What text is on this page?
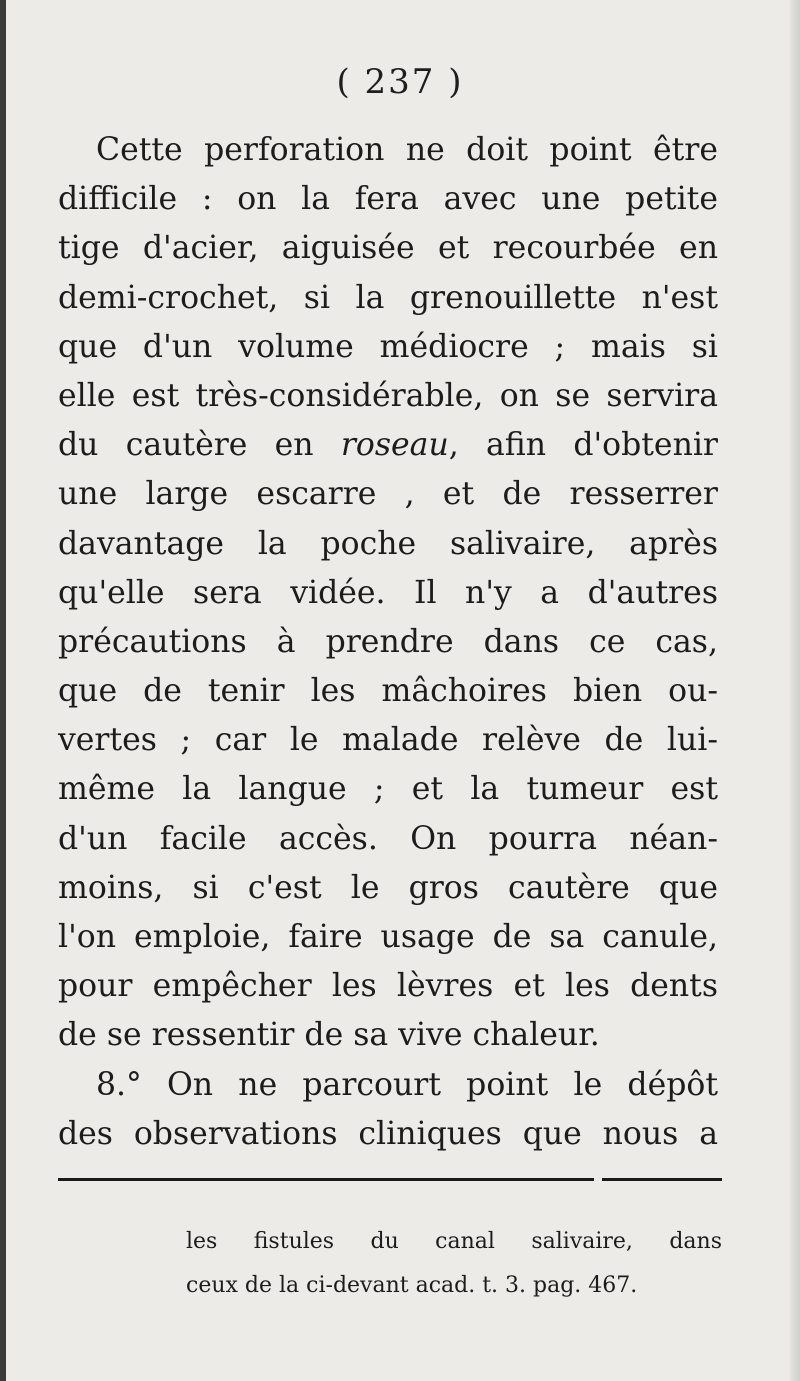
( 237 )
Cette perforation ne doit point être
difficile : on la fera avec une petite
tige d'acier, aiguisée et recourbée en
demi-crochet, si la grenouillette n'est
que d'un volume médiocre ; mais si
elle est très-considérable, on se servira
du cautère en roseau, afin d'obtenir
une large escarre , et de resserrer
davantage la poche salivaire, après
qu'elle sera vidée. Il n'y a d'autres
précautions à prendre dans ce cas,
que de tenir les mâchoires bien ou-
vertes ; car le malade relève de lui-
même la langue ; et la tumeur est
d'un facile accès. On pourra néan-
moins, si c'est le gros cautère que
l'on emploie, faire usage de sa canule,
pour empêcher les lèvres et les dents
de se ressentir de sa vive chaleur.
8.° On ne parcourt point le dépôt
des observations cliniques que nous a
les fistules du canal salivaire, dans
ceux de la ci-devant acad. t. 3. pag. 467.
